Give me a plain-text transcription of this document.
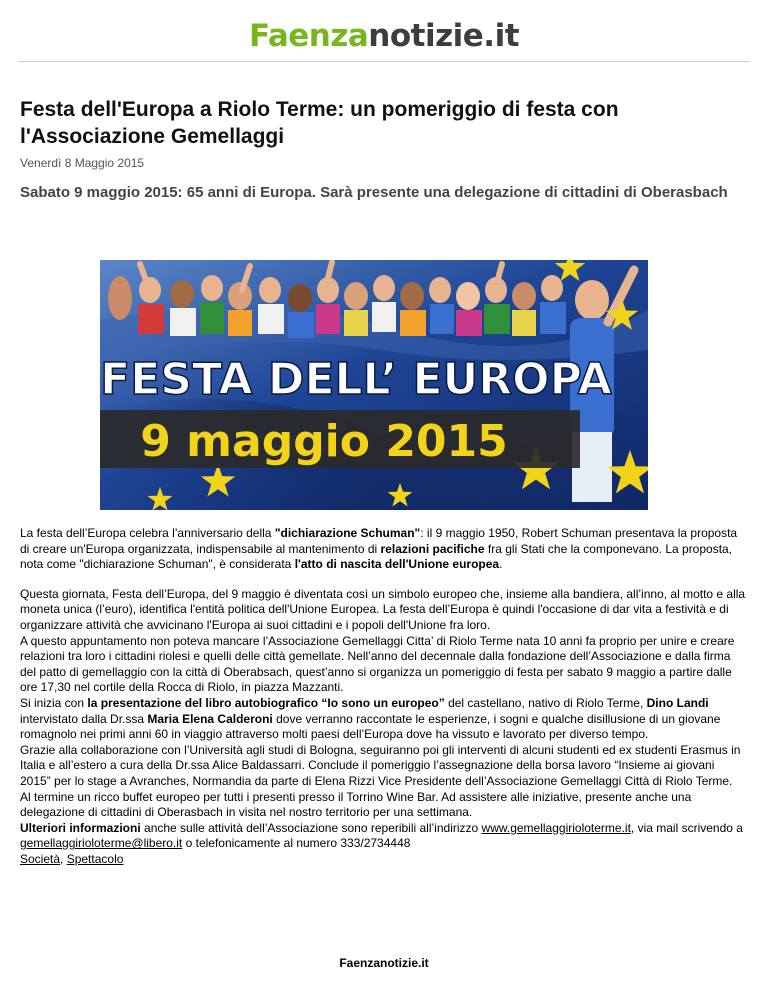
Faenzanotizie.it
Festa dell'Europa a Riolo Terme: un pomeriggio di festa con l'Associazione Gemellaggi
Venerdì 8 Maggio 2015
Sabato 9 maggio 2015: 65 anni di Europa. Sarà presente una delegazione di cittadini di Oberasbach
FESTA DELL’ EUROPA
9 maggio 2015

La festa dell’Europa celebra l’anniversario della "dichiarazione Schuman": il 9 maggio 1950, Robert Schuman presentava la proposta di creare un'Europa organizzata, indispensabile al mantenimento di relazioni pacifiche fra gli Stati che la componevano. La proposta, nota come "dichiarazione Schuman", è considerata l'atto di nascita dell'Unione europea.

Questa giornata, Festa dell’Europa, del 9 maggio è diventata così un simbolo europeo che, insieme alla bandiera, all’inno, al motto e alla moneta unica (l’euro), identifica l'entità politica dell'Unione Europea. La festa dell’Europa è quindi l'occasione di dar vita a festività e di organizzare attività che avvicinano l'Europa ai suoi cittadini e i popoli dell'Unione fra loro.

A questo appuntamento non poteva mancare l’Associazione Gemellaggi Citta’ di Riolo Terme nata 10 anni fa proprio per unire e creare relazioni tra loro i cittadini riolesi e quelli delle città gemellate. Nell’anno del decennale dalla fondazione dell’Associazione e dalla firma del patto di gemellaggio con la città di Oberabsach, quest’anno si organizza un pomeriggio di festa per sabato 9 maggio a partire dalle ore 17,30 nel cortile della Rocca di Riolo, in piazza Mazzanti.

Si inizia con la presentazione del libro autobiografico “Io sono un europeo” del castellano, nativo di Riolo Terme, Dino Landi intervistato dalla Dr.ssa Maria Elena Calderoni dove verranno raccontate le esperienze, i sogni e qualche disillusione di un giovane romagnolo nei primi anni 60 in viaggio attraverso molti paesi dell’Europa dove ha vissuto e lavorato per diverso tempo.

Grazie alla collaborazione con l’Università agli studi di Bologna, seguiranno poi gli interventi di alcuni studenti ed ex studenti Erasmus in Italia e all’estero a cura della Dr.ssa Alice Baldassarri. Conclude il pomeriggio l’assegnazione della borsa lavoro “Insieme ai giovani 2015” per lo stage a Avranches, Normandia da parte di Elena Rizzi Vice Presidente dell’Associazione Gemellaggi Città di Riolo Terme.

Al termine un ricco buffet europeo per tutti i presenti presso il Torrino Wine Bar. Ad assistere alle iniziative, presente anche una delegazione di cittadini di Oberasbach in visita nel nostro territorio per una settimana.

Ulteriori informazioni anche sulle attività dell’Associazione sono reperibili all’indirizzo www.gemellaggirioloterme.it, via mail scrivendo a gemellaggirioloterme@libero.it o telefonicamente al numero 333/2734448

Società, Spettacolo

Faenzanotizie.it
